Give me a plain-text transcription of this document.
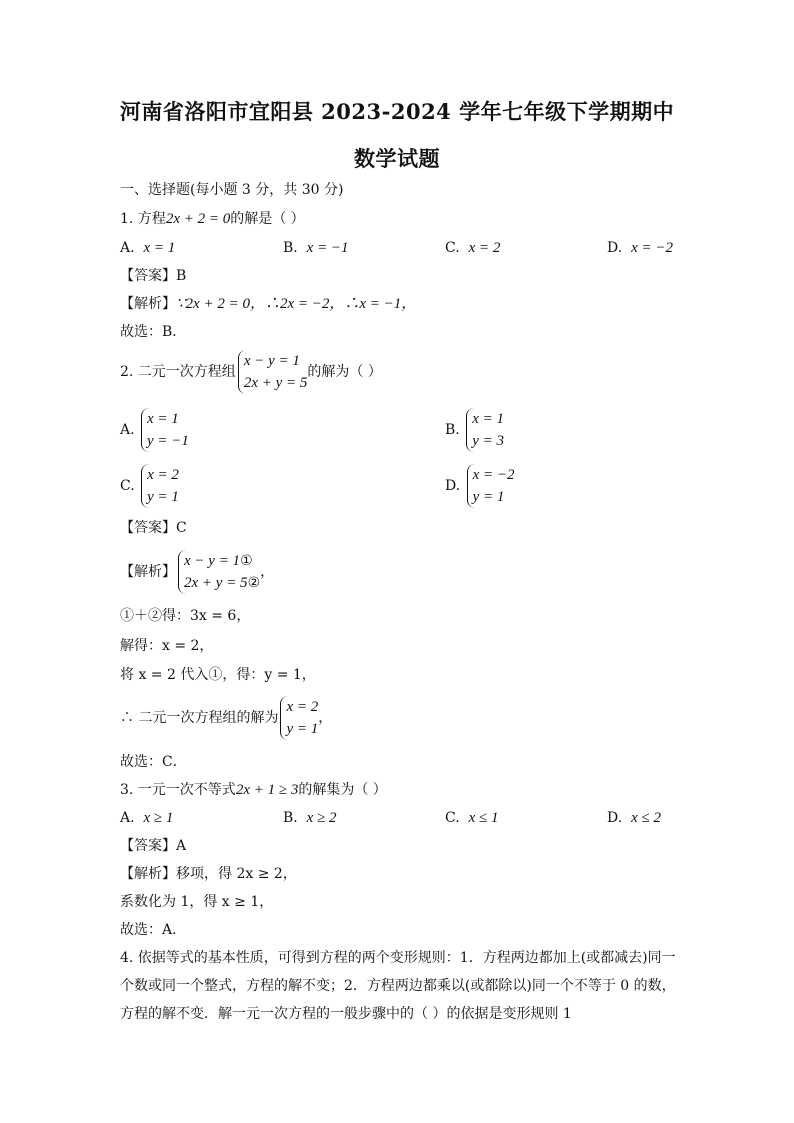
河南省洛阳市宜阳县 2023-2024 学年七年级下学期期中
数学试题
一、选择题(每小题 3 分，共 30 分)
1. 方程2x + 2 = 0的解是（ ）
A. x = 1	B. x = −1	C. x = 2	D. x = −2
【答案】B
【解析】∵2x + 2 = 0，∴2x = −2，∴x = −1，
故选：B．
2. 二元一次方程组
x − y = 1
2x + y = 5
的解为（ ）
A.
x = 1
y = −1
B.
x = 1
y = 3
C.
x = 2
y = 1
D.
x = −2
y = 1
【答案】C
【解析】
x − y = 1①
2x + y = 5②
，
①＋②得：3x = 6，
解得：x = 2，
将 x = 2 代入①，得：y = 1，
∴ 二元一次方程组的解为
x = 2
y = 1
，
故选：C．
3. 一元一次不等式2x + 1 ≥ 3的解集为（ ）
A. x ≥ 1	B. x ≥ 2	C. x ≤ 1	D. x ≤ 2
【答案】A
【解析】移项，得 2x ≥ 2，
系数化为 1，得 x ≥ 1，
故选：A．
4. 依据等式的基本性质，可得到方程的两个变形规则：1．方程两边都加上(或都减去)同一
个数或同一个整式，方程的解不变；2．方程两边都乘以(或都除以)同一个不等于 0 的数，
方程的解不变．解一元一次方程的一般步骤中的（ ）的依据是变形规则 1
